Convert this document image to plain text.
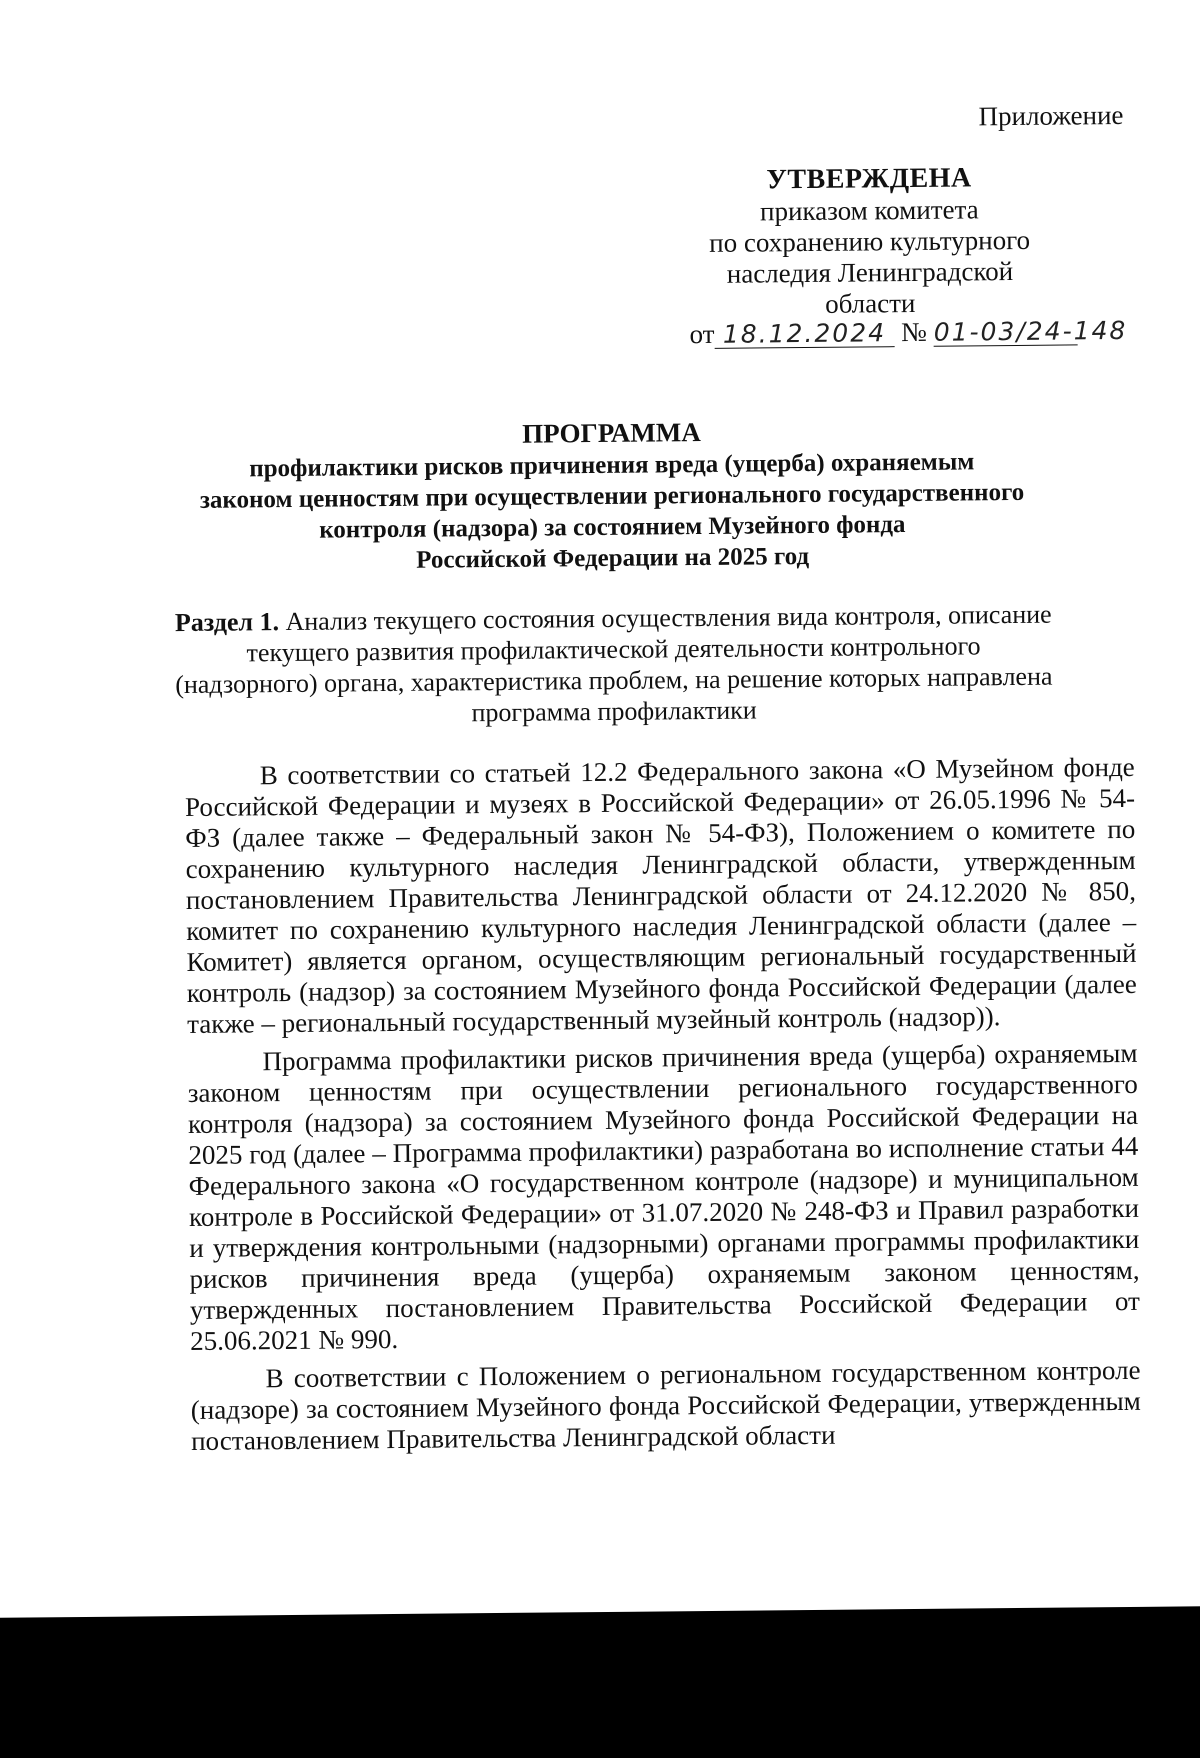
Приложение
УТВЕРЖДЕНА
приказом комитета
по сохранению культурного
наследия Ленинградской
области
от 18.12.2024 № 01-03/24-148
ПРОГРАММА
профилактики рисков причинения вреда (ущерба) охраняемым
законом ценностям при осуществлении регионального государственного
контроля (надзора) за состоянием Музейного фонда
Российской Федерации на 2025 год
Раздел 1. Анализ текущего состояния осуществления вида контроля, описание текущего развития профилактической деятельности контрольного (надзорного) органа, характеристика проблем, на решение которых направлена программа профилактики

В соответствии со статьей 12.2 Федерального закона «О Музейном фонде Российской Федерации и музеях в Российской Федерации» от 26.05.1996 № 54-ФЗ (далее также – Федеральный закон № 54-ФЗ), Положением о комитете по сохранению культурного наследия Ленинградской области, утвержденным постановлением Правительства Ленинградской области от 24.12.2020 № 850, комитет по сохранению культурного наследия Ленинградской области (далее – Комитет) является органом, осуществляющим региональный государственный контроль (надзор) за состоянием Музейного фонда Российской Федерации (далее также – региональный государственный музейный контроль (надзор)).

Программа профилактики рисков причинения вреда (ущерба) охраняемым законом ценностям при осуществлении регионального государственного контроля (надзора) за состоянием Музейного фонда Российской Федерации на 2025 год (далее – Программа профилактики) разработана во исполнение статьи 44 Федерального закона «О государственном контроле (надзоре) и муниципальном контроле в Российской Федерации» от 31.07.2020 № 248-ФЗ и Правил разработки и утверждения контрольными (надзорными) органами программы профилактики рисков причинения вреда (ущерба) охраняемым законом ценностям, утвержденных постановлением Правительства Российской Федерации от 25.06.2021 № 990.

В соответствии с Положением о региональном государственном контроле (надзоре) за состоянием Музейного фонда Российской Федерации, утвержденным постановлением Правительства Ленинградской области
